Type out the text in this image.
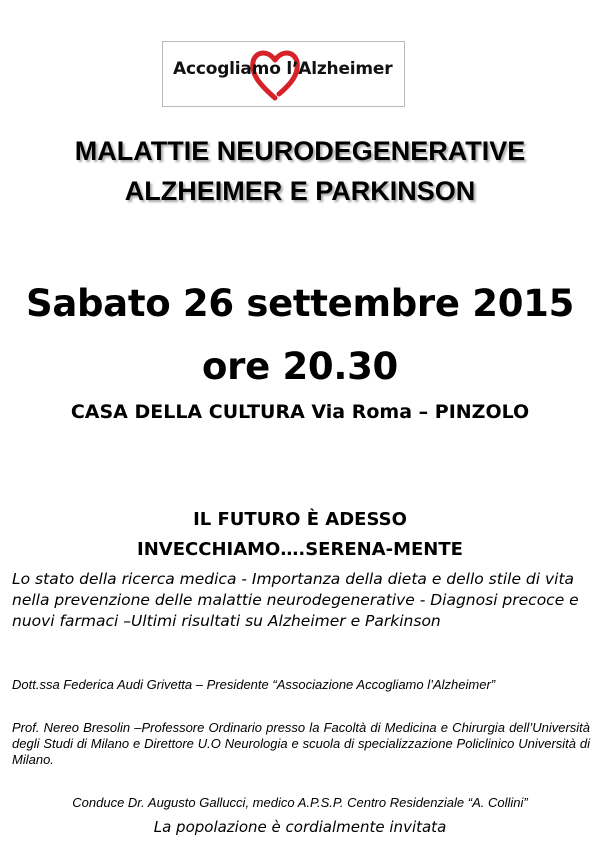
Accogliamo l’Alzheimer
MALATTIE NEURODEGENERATIVE
ALZHEIMER E PARKINSON
Sabato 26 settembre 2015
ore 20.30
CASA DELLA CULTURA Via Roma – PINZOLO
IL FUTURO È ADESSO
INVECCHIAMO….SERENA-MENTE
Lo stato della ricerca medica - Importanza della dieta e dello stile di vita nella prevenzione delle malattie neurodegenerative - Diagnosi precoce e nuovi farmaci –Ultimi risultati su Alzheimer e Parkinson
Dott.ssa Federica Audi Grivetta – Presidente “Associazione Accogliamo l’Alzheimer”
Prof. Nereo Bresolin –Professore Ordinario presso la Facoltà di Medicina e Chirurgia dell’Università degli Studi di Milano e Direttore U.O Neurologia e scuola di specializzazione Policlinico Università di Milano.
Conduce Dr. Augusto Gallucci, medico A.P.S.P. Centro Residenziale “A. Collini”
La popolazione è cordialmente invitata
